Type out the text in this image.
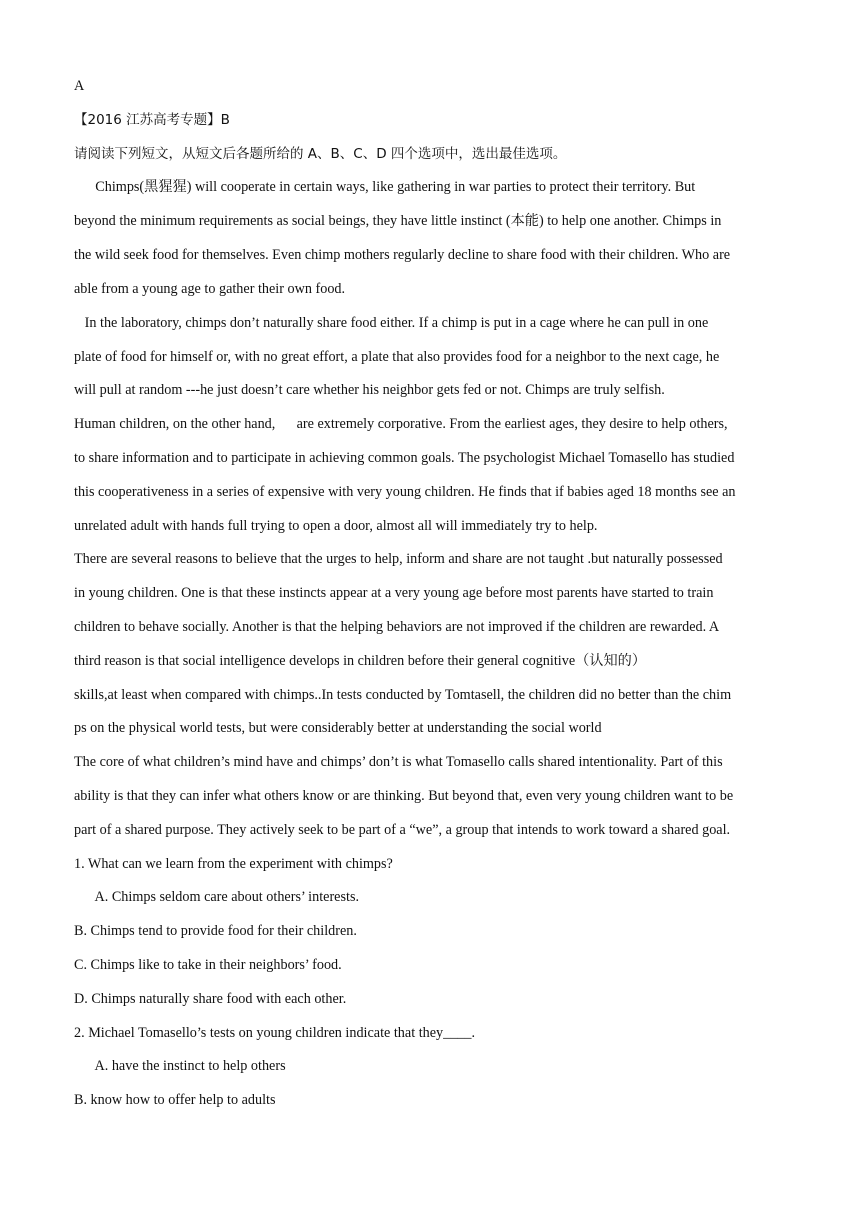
A
【2016 江苏高考专题】B
请阅读下列短文，从短文后各题所给的 A、B、C、D 四个选项中，选出最佳选项。
Chimps(黑猩猩) will cooperate in certain ways, like gathering in war parties to protect their territory. But
beyond the minimum requirements as social beings, they have little instinct (本能) to help one another. Chimps in
the wild seek food for themselves. Even chimp mothers regularly decline to share food with their children. Who are
able from a young age to gather their own food.
In the laboratory, chimps don’t naturally share food either. If a chimp is put in a cage where he can pull in one
plate of food for himself or, with no great effort, a plate that also provides food for a neighbor to the next cage, he
will pull at random ---he just doesn’t care whether his neighbor gets fed or not. Chimps are truly selfish.
Human children, on the other hand,      are extremely corporative. From the earliest ages, they desire to help others,
to share information and to participate in achieving common goals. The psychologist Michael Tomasello has studied
this cooperativeness in a series of expensive with very young children. He finds that if babies aged 18 months see an
unrelated adult with hands full trying to open a door, almost all will immediately try to help.
There are several reasons to believe that the urges to help, inform and share are not taught .but naturally possessed
in young children. One is that these instincts appear at a very young age before most parents have started to train
children to behave socially. Another is that the helping behaviors are not improved if the children are rewarded. A
third reason is that social intelligence develops in children before their general cognitive（认知的）
skills,at least when compared with chimps..In tests conducted by Tomtasell, the children did no better than the chim
ps on the physical world tests, but were considerably better at understanding the social world
The core of what children’s mind have and chimps’ don’t is what Tomasello calls shared intentionality. Part of this
ability is that they can infer what others know or are thinking. But beyond that, even very young children want to be
part of a shared purpose. They actively seek to be part of a “we”, a group that intends to work toward a shared goal.
1. What can we learn from the experiment with chimps?
A. Chimps seldom care about others’ interests.
B. Chimps tend to provide food for their children.
C. Chimps like to take in their neighbors’ food.
D. Chimps naturally share food with each other.
2. Michael Tomasello’s tests on young children indicate that they____.
A. have the instinct to help others
B. know how to offer help to adults
